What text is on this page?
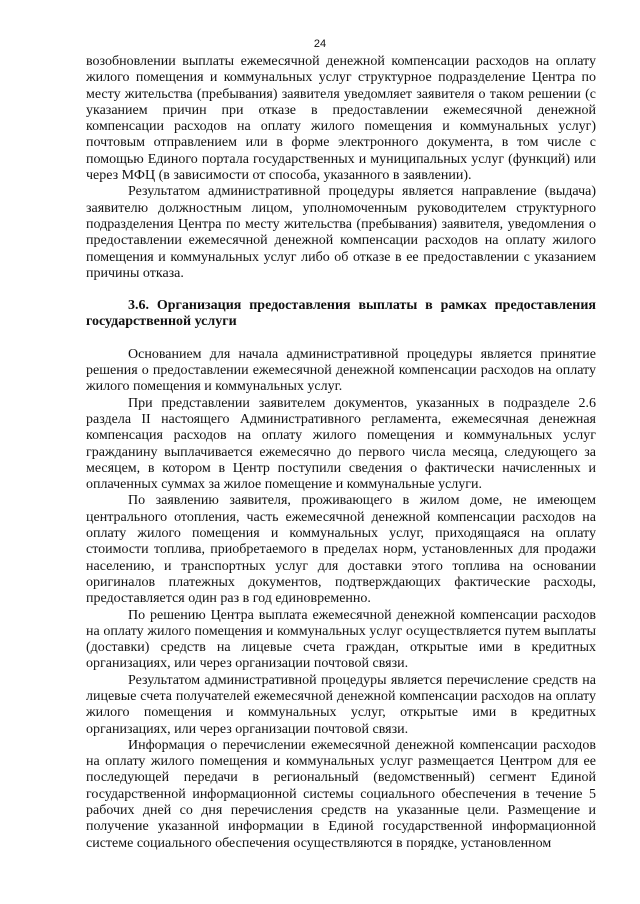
24

возобновлении выплаты ежемесячной денежной компенсации расходов на оплату жилого помещения и коммунальных услуг структурное подразделение Центра по месту жительства (пребывания) заявителя уведомляет заявителя о таком решении (с указанием причин при отказе в предоставлении ежемесячной денежной компенсации расходов на оплату жилого помещения и коммунальных услуг) почтовым отправлением или в форме электронного документа, в том числе с помощью Единого портала государственных и муниципальных услуг (функций) или через МФЦ (в зависимости от способа, указанного в заявлении).

Результатом административной процедуры является направление (выдача) заявителю должностным лицом, уполномоченным руководителем структурного подразделения Центра по месту жительства (пребывания) заявителя, уведомления о предоставлении ежемесячной денежной компенсации расходов на оплату жилого помещения и коммунальных услуг либо об отказе в ее предоставлении с указанием причины отказа.

3.6. Организация предоставления выплаты в рамках предоставления государственной услуги

Основанием для начала административной процедуры является принятие решения о предоставлении ежемесячной денежной компенсации расходов на оплату жилого помещения и коммунальных услуг.

При представлении заявителем документов, указанных в подразделе 2.6 раздела II настоящего Административного регламента, ежемесячная денежная компенсация расходов на оплату жилого помещения и коммунальных услуг гражданину выплачивается ежемесячно до первого числа месяца, следующего за месяцем, в котором в Центр поступили сведения о фактически начисленных и оплаченных суммах за жилое помещение и коммунальные услуги.

По заявлению заявителя, проживающего в жилом доме, не имеющем центрального отопления, часть ежемесячной денежной компенсации расходов на оплату жилого помещения и коммунальных услуг, приходящаяся на оплату стоимости топлива, приобретаемого в пределах норм, установленных для продажи населению, и транспортных услуг для доставки этого топлива на основании оригиналов платежных документов, подтверждающих фактические расходы, предоставляется один раз в год единовременно.

По решению Центра выплата ежемесячной денежной компенсации расходов на оплату жилого помещения и коммунальных услуг осуществляется путем выплаты (доставки) средств на лицевые счета граждан, открытые ими в кредитных организациях, или через организации почтовой связи.

Результатом административной процедуры является перечисление средств на лицевые счета получателей ежемесячной денежной компенсации расходов на оплату жилого помещения и коммунальных услуг, открытые ими в кредитных организациях, или через организации почтовой связи.

Информация о перечислении ежемесячной денежной компенсации расходов на оплату жилого помещения и коммунальных услуг размещается Центром для ее последующей передачи в региональный (ведомственный) сегмент Единой государственной информационной системы социального обеспечения в течение 5 рабочих дней со дня перечисления средств на указанные цели. Размещение и получение указанной информации в Единой государственной информационной системе социального обеспечения осуществляются в порядке, установленном
